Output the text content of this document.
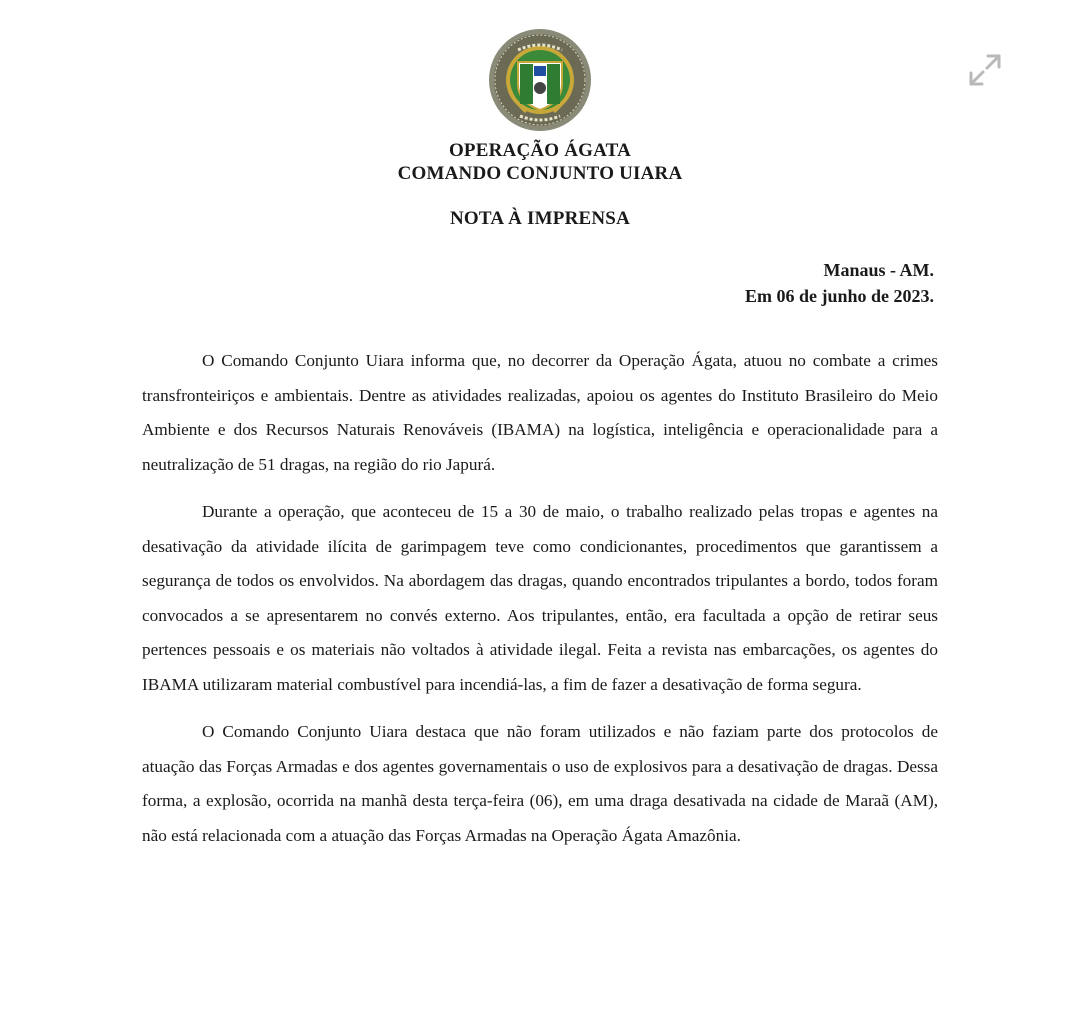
OPERAÇÃO ÁGATA
COMANDO CONJUNTO UIARA
NOTA À IMPRENSA
Manaus - AM.
Em 06 de junho de 2023.

O Comando Conjunto Uiara informa que, no decorrer da Operação Ágata, atuou no combate a crimes transfronteiriços e ambientais. Dentre as atividades realizadas, apoiou os agentes do Instituto Brasileiro do Meio Ambiente e dos Recursos Naturais Renováveis (IBAMA) na logística, inteligência e operacionalidade para a neutralização de 51 dragas, na região do rio Japurá.

Durante a operação, que aconteceu de 15 a 30 de maio, o trabalho realizado pelas tropas e agentes na desativação da atividade ilícita de garimpagem teve como condicionantes, procedimentos que garantissem a segurança de todos os envolvidos. Na abordagem das dragas, quando encontrados tripulantes a bordo, todos foram convocados a se apresentarem no convés externo. Aos tripulantes, então, era facultada a opção de retirar seus pertences pessoais e os materiais não voltados à atividade ilegal. Feita a revista nas embarcações, os agentes do IBAMA utilizaram material combustível para incendiá-las, a fim de fazer a desativação de forma segura.

O Comando Conjunto Uiara destaca que não foram utilizados e não faziam parte dos protocolos de atuação das Forças Armadas e dos agentes governamentais o uso de explosivos para a desativação de dragas. Dessa forma, a explosão, ocorrida na manhã desta terça-feira (06), em uma draga desativada na cidade de Maraã (AM), não está relacionada com a atuação das Forças Armadas na Operação Ágata Amazônia.
